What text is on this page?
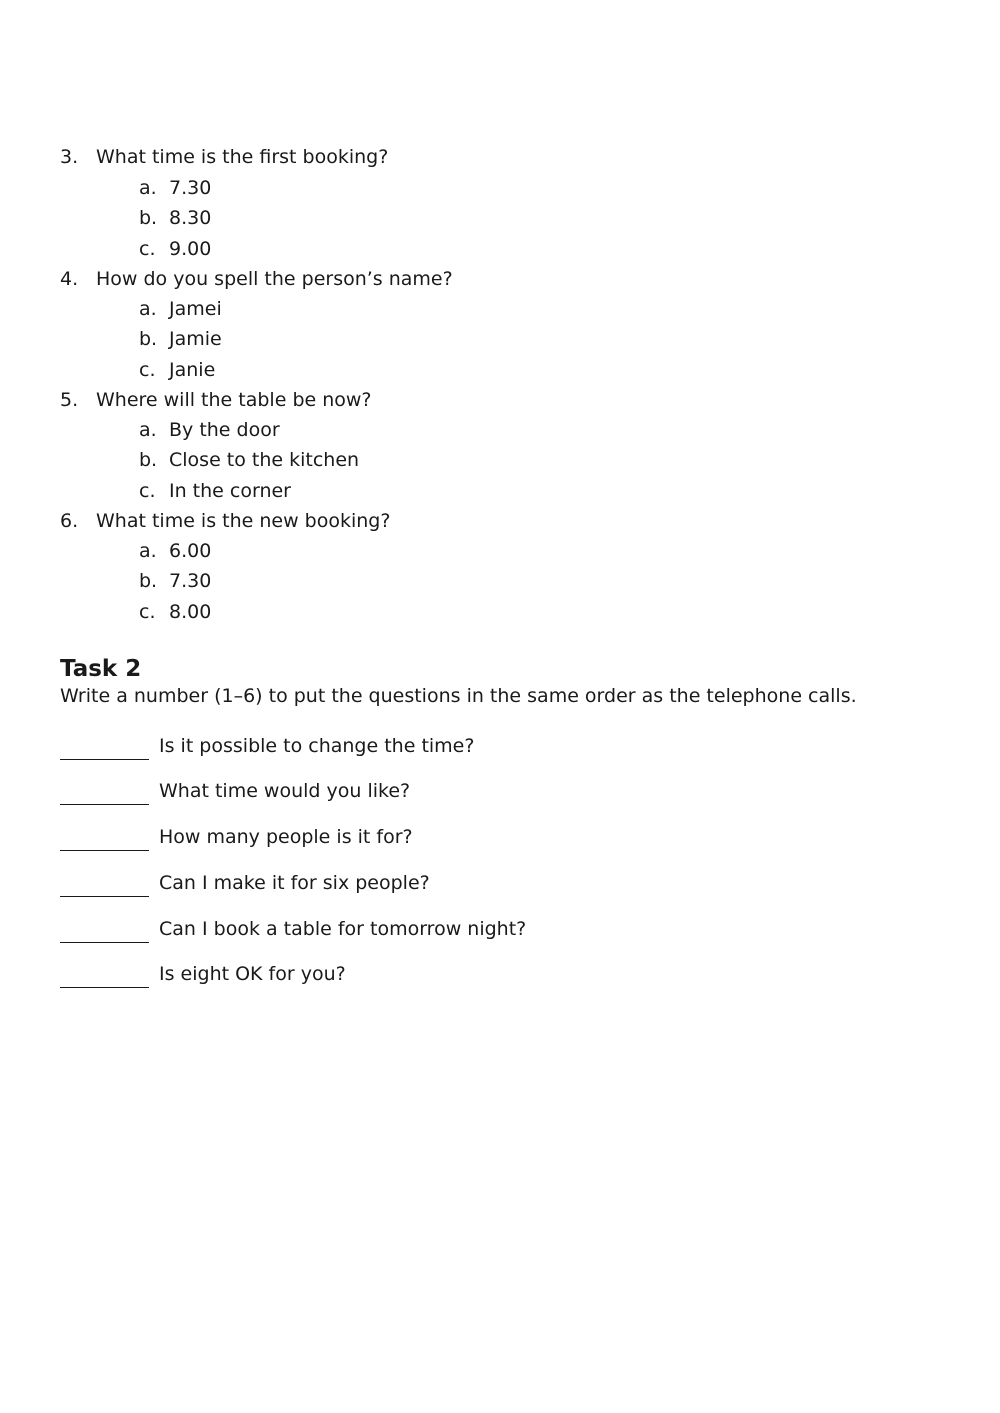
3. What time is the first booking?
a. 7.30
b. 8.30
c. 9.00
4. How do you spell the person’s name?
a. Jamei
b. Jamie
c. Janie
5. Where will the table be now?
a. By the door
b. Close to the kitchen
c. In the corner
6. What time is the new booking?
a. 6.00
b. 7.30
c. 8.00
Task 2
Write a number (1–6) to put the questions in the same order as the telephone calls.
Is it possible to change the time?
What time would you like?
How many people is it for?
Can I make it for six people?
Can I book a table for tomorrow night?
Is eight OK for you?
